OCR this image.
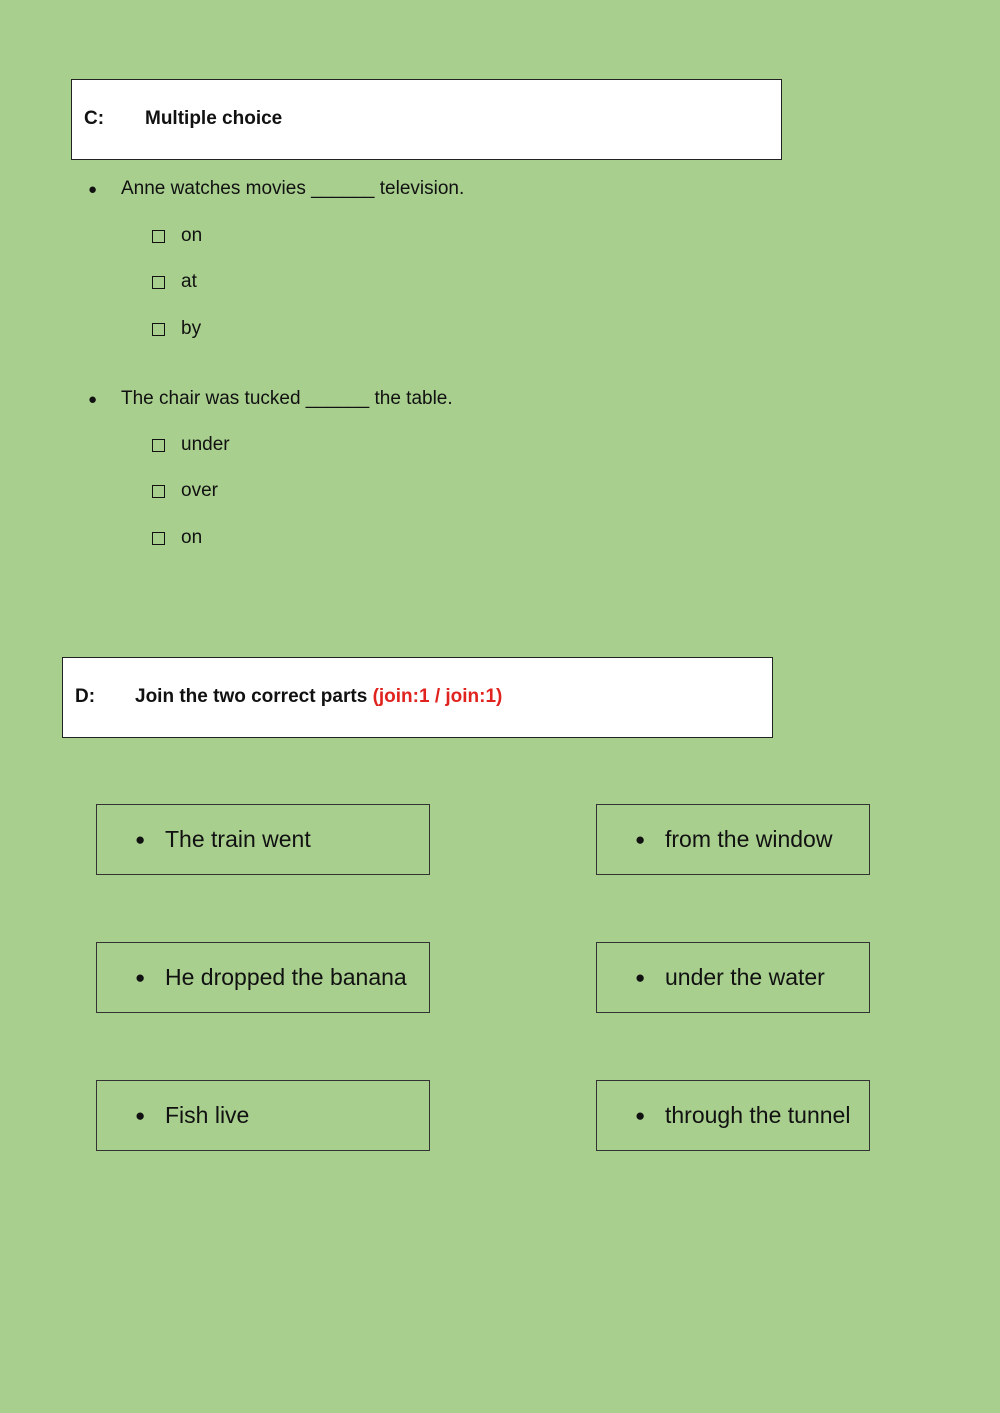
C: Multiple choice
● Anne watches movies ______ television.
on
at
by
● The chair was tucked ______ the table.
under
over
on
D: Join the two correct parts (join:1 / join:1)
● The train went
● He dropped the banana
● Fish live
● from the window
● under the water
● through the tunnel
